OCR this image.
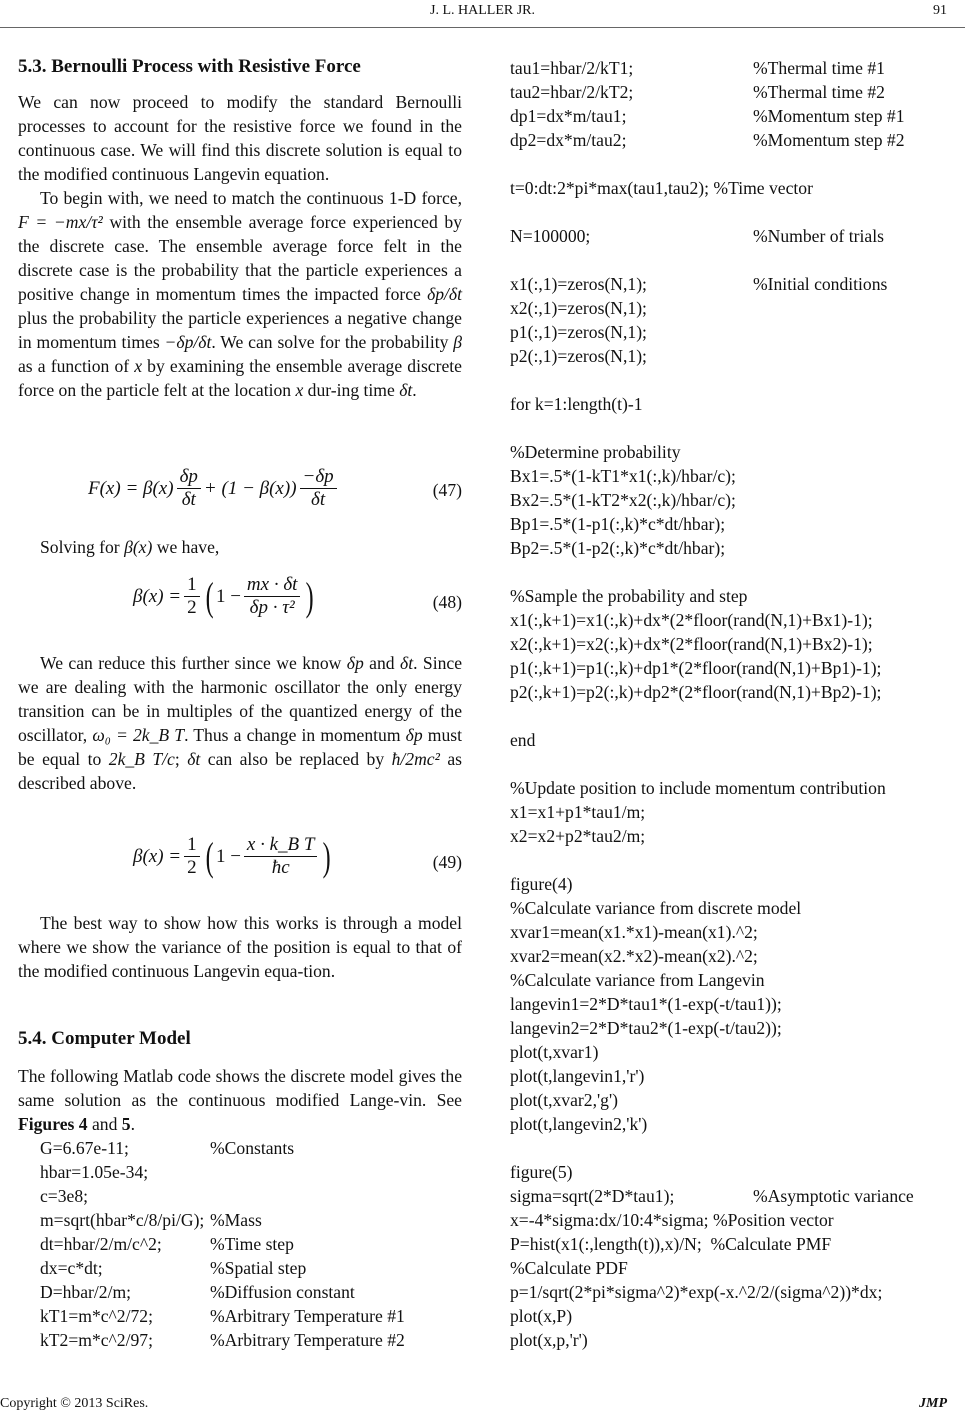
J. L. HALLER JR.	91
5.3. Bernoulli Process with Resistive Force
We can now proceed to modify the standard Bernoulli processes to account for the resistive force we found in the continuous case. We will find this discrete solution is equal to the modified continuous Langevin equation.
To begin with, we need to match the continuous 1-D force, F = −mx/τ² with the ensemble average force experienced by the discrete case. The ensemble average force felt in the discrete case is the probability that the particle experiences a positive change in momentum times the impacted force δp/δt plus the probability the particle experiences a negative change in momentum times −δp/δt. We can solve for the probability β as a function of x by examining the ensemble average discrete force on the particle felt at the location x dur-ing time δt.
$F(x) = \beta(x) \frac{\delta p}{\delta t} + (1 - \beta(x)) \frac{-\delta p}{\delta t}$	(47)
Solving for β(x) we have,
$\beta(x) = \frac{1}{2}$ ( $1 - \frac{mx \cdot \delta t}{\text{δp · τ²}}$ )	(48)
We can reduce this further since we know δp and δt. Since we are dealing with the harmonic oscillator the only energy transition can be in multiples of the quantized energy of the oscillator, ω₀ = 2k_B T. Thus a change in momentum δp must be equal to 2k_B T/c; δt can also be replaced by ħ/2mc² as described above.
$\beta(x) = \frac{1}{2}$ ( $1 - \frac{\text{x · k\_B T}}{ħc}$ )	(49)
The best way to show how this works is through a model where we show the variance of the position is equal to that of the modified continuous Langevin equa-tion.
5.4. Computer Model
The following Matlab code shows the discrete model gives the same solution as the continuous modified Lange-vin. See Figures 4 and 5.
G=6.67e-11;	%Constants
hbar=1.05e-34;
c=3e8;
m=sqrt(hbar*c/8/pi/G); %Mass
dt=hbar/2/m/c^2;	%Time step
dx=c*dt;	%Spatial step
D=hbar/2/m;	%Diffusion constant
kT1=m*c^2/72;	%Arbitrary Temperature #1
kT2=m*c^2/97;	%Arbitrary Temperature #2
tau1=hbar/2/kT1;	%Thermal time #1
tau2=hbar/2/kT2;	%Thermal time #2
dp1=dx*m/tau1;	%Momentum step #1
dp2=dx*m/tau2;	%Momentum step #2
t=0:dt:2*pi*max(tau1,tau2); %Time vector
N=100000;	%Number of trials
x1(:,1)=zeros(N,1);	%Initial conditions
x2(:,1)=zeros(N,1);
p1(:,1)=zeros(N,1);
p2(:,1)=zeros(N,1);
for k=1:length(t)-1
%Determine probability
Bx1=.5*(1-kT1*x1(:,k)/hbar/c);
Bx2=.5*(1-kT2*x2(:,k)/hbar/c);
Bp1=.5*(1-p1(:,k)*c*dt/hbar);
Bp2=.5*(1-p2(:,k)*c*dt/hbar);
%Sample the probability and step
x1(:,k+1)=x1(:,k)+dx*(2*floor(rand(N,1)+Bx1)-1);
x2(:,k+1)=x2(:,k)+dx*(2*floor(rand(N,1)+Bx2)-1);
p1(:,k+1)=p1(:,k)+dp1*(2*floor(rand(N,1)+Bp1)-1);
p2(:,k+1)=p2(:,k)+dp2*(2*floor(rand(N,1)+Bp2)-1);
end
%Update position to include momentum contribution
x1=x1+p1*tau1/m;
x2=x2+p2*tau2/m;
figure(4)
%Calculate variance from discrete model
xvar1=mean(x1.*x1)-mean(x1).^2;
xvar2=mean(x2.*x2)-mean(x2).^2;
%Calculate variance from Langevin
langevin1=2*D*tau1*(1-exp(-t/tau1));
langevin2=2*D*tau2*(1-exp(-t/tau2));
plot(t,xvar1)
plot(t,langevin1,'r')
plot(t,xvar2,'g')
plot(t,langevin2,'k')
figure(5)
sigma=sqrt(2*D*tau1);	%Asymptotic variance
x=-4*sigma:dx/10:4*sigma; %Position vector
P=hist(x1(:,length(t)),x)/N;  %Calculate PMF
%Calculate PDF
p=1/sqrt(2*pi*sigma^2)*exp(-x.^2/2/(sigma^2))*dx;
plot(x,P)
plot(x,p,'r')
Copyright © 2013 SciRes.	JMP
